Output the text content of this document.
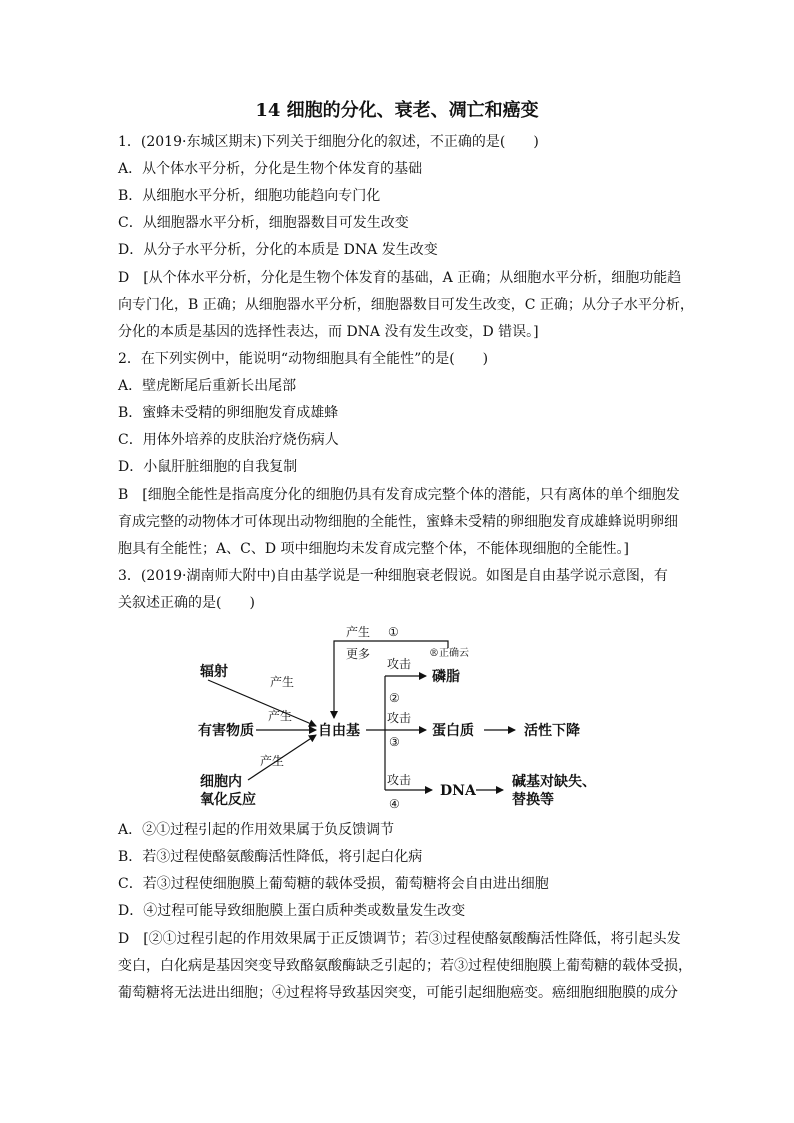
14 细胞的分化、衰老、凋亡和癌变
1．(2019·东城区期末)下列关于细胞分化的叙述，不正确的是(　　)
A．从个体水平分析，分化是生物个体发育的基础
B．从细胞水平分析，细胞功能趋向专门化
C．从细胞器水平分析，细胞器数目可发生改变
D．从分子水平分析，分化的本质是 DNA 发生改变
D　[从个体水平分析，分化是生物个体发育的基础，A 正确；从细胞水平分析，细胞功能趋
向专门化，B 正确；从细胞器水平分析，细胞器数目可发生改变，C 正确；从分子水平分析，
分化的本质是基因的选择性表达，而 DNA 没有发生改变，D 错误。]
2．在下列实例中，能说明“动物细胞具有全能性”的是(　　)
A．壁虎断尾后重新长出尾部
B．蜜蜂未受精的卵细胞发育成雄蜂
C．用体外培养的皮肤治疗烧伤病人
D．小鼠肝脏细胞的自我复制
B　[细胞全能性是指高度分化的细胞仍具有发育成完整个体的潜能，只有离体的单个细胞发
育成完整的动物体才可体现出动物细胞的全能性，蜜蜂未受精的卵细胞发育成雄蜂说明卵细
胞具有全能性；A、C、D 项中细胞均未发育成完整个体，不能体现细胞的全能性。]
3．(2019·湖南师大附中)自由基学说是一种细胞衰老假说。如图是自由基学说示意图，有
关叙述正确的是(　　)
产生 ①
®正确云
更多
辐射
产生
产生
有害物质
产生
细胞内
氧化反应
自由基
攻击
②
磷脂
攻击
③
蛋白质	活性下降
攻击
④
DNA
碱基对缺失、
替换等
A．②①过程引起的作用效果属于负反馈调节
B．若③过程使酪氨酸酶活性降低，将引起白化病
C．若③过程使细胞膜上葡萄糖的载体受损，葡萄糖将会自由进出细胞
D．④过程可能导致细胞膜上蛋白质种类或数量发生改变
D　[②①过程引起的作用效果属于正反馈调节；若③过程使酪氨酸酶活性降低，将引起头发
变白，白化病是基因突变导致酪氨酸酶缺乏引起的；若③过程使细胞膜上葡萄糖的载体受损，
葡萄糖将无法进出细胞；④过程将导致基因突变，可能引起细胞癌变。癌细胞细胞膜的成分
